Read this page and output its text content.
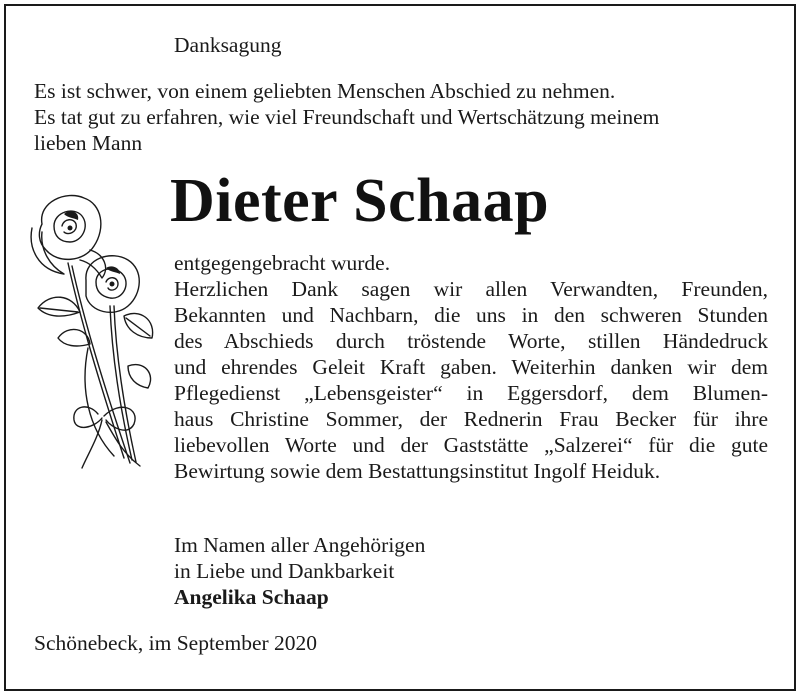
Danksagung
Es ist schwer, von einem geliebten Menschen Abschied zu nehmen.
Es tat gut zu erfahren, wie viel Freundschaft und Wertschätzung meinem
lieben Mann
Dieter Schaap
entgegengebracht wurde.
Herzlichen Dank sagen wir allen Verwandten, Freunden,
Bekannten und Nachbarn, die uns in den schweren Stunden
des Abschieds durch tröstende Worte, stillen Händedruck
und ehrendes Geleit Kraft gaben. Weiterhin danken wir dem
Pflegedienst „Lebensgeister“ in Eggersdorf, dem Blumen-
haus Christine Sommer, der Rednerin Frau Becker für ihre
liebevollen Worte und der Gaststätte „Salzerei“ für die gute
Bewirtung sowie dem Bestattungsinstitut Ingolf Heiduk.
Im Namen aller Angehörigen
in Liebe und Dankbarkeit
Angelika Schaap
Schönebeck, im September 2020
